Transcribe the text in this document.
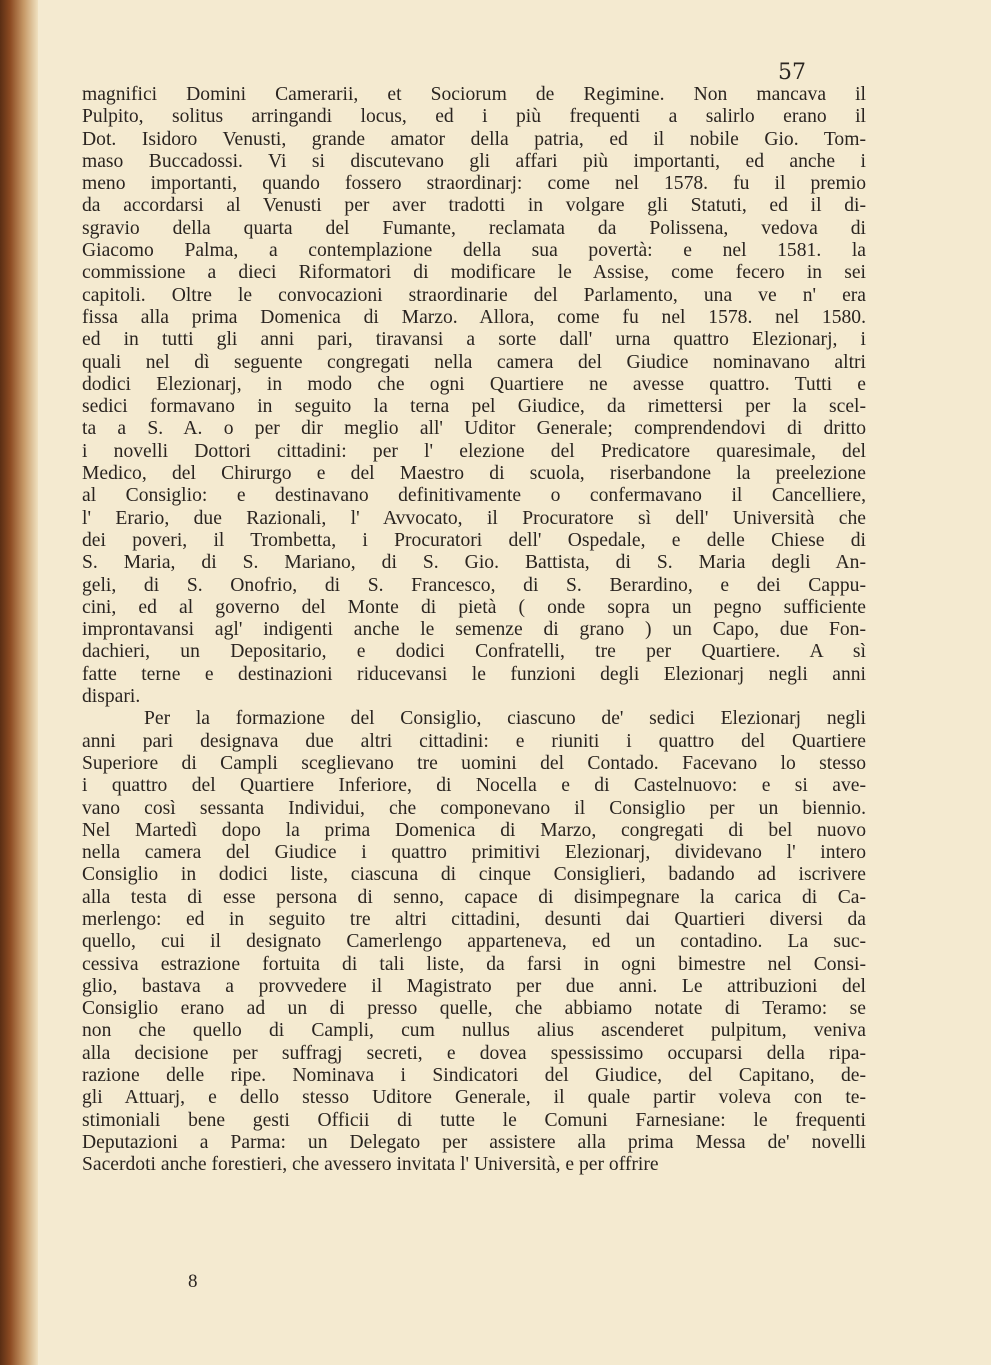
57
magnifici Domini Camerarii, et Sociorum de Regimine. Non mancava il
Pulpito, solitus arringandi locus, ed i più frequenti a salirlo erano il
Dot. Isidoro Venusti, grande amator della patria, ed il nobile Gio. Tom-
maso Buccadossi. Vi si discutevano gli affari più importanti, ed anche i
meno importanti, quando fossero straordinarj: come nel 1578. fu il premio
da accordarsi al Venusti per aver tradotti in volgare gli Statuti, ed il di-
sgravio della quarta del Fumante, reclamata da Polissena, vedova di
Giacomo Palma, a contemplazione della sua povertà: e nel 1581. la
commissione a dieci Riformatori di modificare le Assise, come fecero in sei
capitoli. Oltre le convocazioni straordinarie del Parlamento, una ve n' era
fissa alla prima Domenica di Marzo. Allora, come fu nel 1578. nel 1580.
ed in tutti gli anni pari, tiravansi a sorte dall' urna quattro Elezionarj, i
quali nel dì seguente congregati nella camera del Giudice nominavano altri
dodici Elezionarj, in modo che ogni Quartiere ne avesse quattro. Tutti e
sedici formavano in seguito la terna pel Giudice, da rimettersi per la scel-
ta a S. A. o per dir meglio all' Uditor Generale; comprendendovi di dritto
i novelli Dottori cittadini: per l' elezione del Predicatore quaresimale, del
Medico, del Chirurgo e del Maestro di scuola, riserbandone la preelezione
al Consiglio: e destinavano definitivamente o confermavano il Cancelliere,
l' Erario, due Razionali, l' Avvocato, il Procuratore sì dell' Università che
dei poveri, il Trombetta, i Procuratori dell' Ospedale, e delle Chiese di
S. Maria, di S. Mariano, di S. Gio. Battista, di S. Maria degli An-
geli, di S. Onofrio, di S. Francesco, di S. Berardino, e dei Cappu-
cini, ed al governo del Monte di pietà ( onde sopra un pegno sufficiente
improntavansi agl' indigenti anche le semenze di grano ) un Capo, due Fon-
dachieri, un Depositario, e dodici Confratelli, tre per Quartiere. A sì
fatte terne e destinazioni riducevansi le funzioni degli Elezionarj negli anni
dispari.
Per la formazione del Consiglio, ciascuno de' sedici Elezionarj negli
anni pari designava due altri cittadini: e riuniti i quattro del Quartiere
Superiore di Campli sceglievano tre uomini del Contado. Facevano lo stesso
i quattro del Quartiere Inferiore, di Nocella e di Castelnuovo: e si ave-
vano così sessanta Individui, che componevano il Consiglio per un biennio.
Nel Martedì dopo la prima Domenica di Marzo, congregati di bel nuovo
nella camera del Giudice i quattro primitivi Elezionarj, dividevano l' intero
Consiglio in dodici liste, ciascuna di cinque Consiglieri, badando ad iscrivere
alla testa di esse persona di senno, capace di disimpegnare la carica di Ca-
merlengo: ed in seguito tre altri cittadini, desunti dai Quartieri diversi da
quello, cui il designato Camerlengo apparteneva, ed un contadino. La suc-
cessiva estrazione fortuita di tali liste, da farsi in ogni bimestre nel Consi-
glio, bastava a provvedere il Magistrato per due anni. Le attribuzioni del
Consiglio erano ad un di presso quelle, che abbiamo notate di Teramo: se
non che quello di Campli, cum nullus alius ascenderet pulpitum, veniva
alla decisione per suffragj secreti, e dovea spessissimo occuparsi della ripa-
razione delle ripe. Nominava i Sindicatori del Giudice, del Capitano, de-
gli Attuarj, e dello stesso Uditore Generale, il quale partir voleva con te-
stimoniali bene gesti Officii di tutte le Comuni Farnesiane: le frequenti
Deputazioni a Parma: un Delegato per assistere alla prima Messa de' novelli
Sacerdoti anche forestieri, che avessero invitata l' Università, e per offrire
8
